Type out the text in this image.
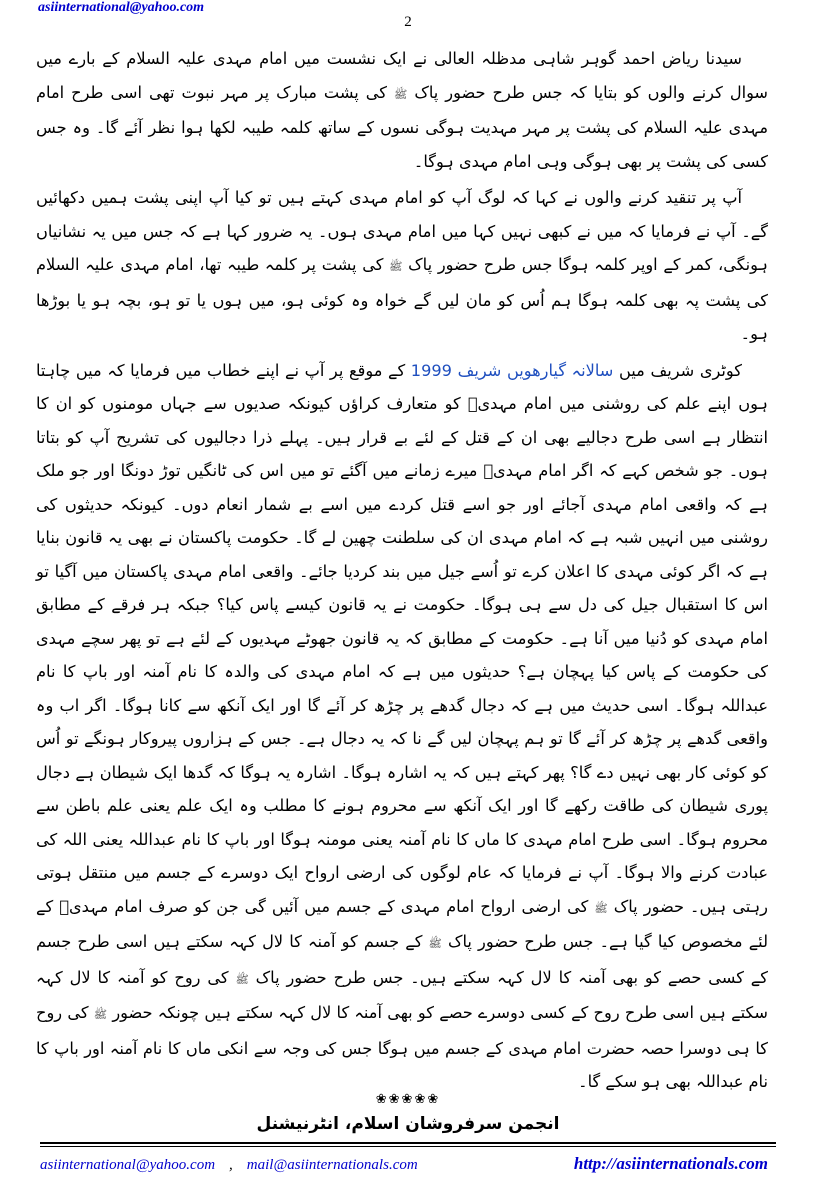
asiinternational@yahoo.com
2

سیدنا ریاض احمد گوہر شاہی مدظلہ العالی نے ایک نشست میں امام مہدی علیہ السلام کے بارے میں سوال کرنے والوں کو بتایا کہ جس طرح حضور پاک ﷺ کی پشت مبارک پر مہر نبوت تھی اسی طرح امام مہدی علیہ السلام کی پشت پر مہر مہدیت ہوگی نسوں کے ساتھ کلمہ طیبہ لکھا ہوا نظر آئے گا۔ وہ جس کسی کی پشت پر بھی ہوگی وہی امام مہدی ہوگا۔

آپ پر تنقید کرنے والوں نے کہا کہ لوگ آپ کو امام مہدی کہتے ہیں تو کیا آپ اپنی پشت ہمیں دکھائیں گے۔ آپ نے فرمایا کہ میں نے کبھی نہیں کہا میں امام مہدی ہوں۔ یہ ضرور کہا ہے کہ جس میں یہ نشانیاں ہونگی، کمر کے اوپر کلمہ ہوگا جس طرح حضور پاک ﷺ کی پشت پر کلمہ طیبہ تھا، امام مہدی علیہ السلام کی پشت پہ بھی کلمہ ہوگا ہم اُس کو مان لیں گے خواہ وہ کوئی ہو، میں ہوں یا تو ہو، بچہ ہو یا بوڑھا ہو۔

کوٹری شریف میں سالانہ گیارھویں شریف 1999 کے موقع پر آپ نے اپنے خطاب میں فرمایا کہ میں چاہتا ہوں اپنے علم کی روشنی میں امام مہدیؑ کو متعارف کراؤں کیونکہ صدیوں سے جہاں مومنوں کو ان کا انتظار ہے اسی طرح دجالیے بھی ان کے قتل کے لئے بے قرار ہیں۔ پہلے ذرا دجالیوں کی تشریح آپ کو بتاتا ہوں۔ جو شخص کہے کہ اگر امام مہدیؑ میرے زمانے میں آگئے تو میں اس کی ٹانگیں توڑ دونگا اور جو ملک ہے کہ واقعی امام مہدی آجائے اور جو اسے قتل کردے میں اسے بے شمار انعام دوں۔ کیونکہ حدیثوں کی روشنی میں انہیں شبہ ہے کہ امام مہدی ان کی سلطنت چھین لے گا۔ حکومت پاکستان نے بھی یہ قانون بنایا ہے کہ اگر کوئی مہدی کا اعلان کرے تو اُسے جیل میں بند کردیا جائے۔ واقعی امام مہدی پاکستان میں آگیا تو اس کا استقبال جیل کی دل سے ہی ہوگا۔ حکومت نے یہ قانون کیسے پاس کیا؟ جبکہ ہر فرقے کے مطابق امام مہدی کو دُنیا میں آنا ہے۔ حکومت کے مطابق کہ یہ قانون جھوٹے مہدیوں کے لئے ہے تو پھر سچے مہدی کی حکومت کے پاس کیا پہچان ہے؟ حدیثوں میں ہے کہ امام مہدی کی والدہ کا نام آمنہ اور باپ کا نام عبداللہ ہوگا۔ اسی حدیث میں ہے کہ دجال گدھے پر چڑھ کر آئے گا اور ایک آنکھ سے کانا ہوگا۔ اگر اب وہ واقعی گدھے پر چڑھ کر آئے گا تو ہم پہچان لیں گے نا کہ یہ دجال ہے۔ جس کے ہزاروں پیروکار ہونگے تو اُس کو کوئی کار بھی نہیں دے گا؟ پھر کہتے ہیں کہ یہ اشارہ ہوگا۔ اشارہ یہ ہوگا کہ گدھا ایک شیطان ہے دجال پوری شیطان کی طاقت رکھے گا اور ایک آنکھ سے محروم ہونے کا مطلب وہ ایک علم یعنی علم باطن سے محروم ہوگا۔ اسی طرح امام مہدی کا ماں کا نام آمنہ یعنی مومنہ ہوگا اور باپ کا نام عبداللہ یعنی اللہ کی عبادت کرنے والا ہوگا۔ آپ نے فرمایا کہ عام لوگوں کی ارضی ارواح ایک دوسرے کے جسم میں منتقل ہوتی رہتی ہیں۔ حضور پاک ﷺ کی ارضی ارواح امام مہدی کے جسم میں آئیں گی جن کو صرف امام مہدیؑ کے لئے مخصوص کیا گیا ہے۔ جس طرح حضور پاک ﷺ کے جسم کو آمنہ کا لال کہہ سکتے ہیں اسی طرح جسم کے کسی حصے کو بھی آمنہ کا لال کہہ سکتے ہیں۔ جس طرح حضور پاک ﷺ کی روح کو آمنہ کا لال کہہ سکتے ہیں اسی طرح روح کے کسی دوسرے حصے کو بھی آمنہ کا لال کہہ سکتے ہیں چونکہ حضور ﷺ کی روح کا ہی دوسرا حصہ حضرت امام مہدی کے جسم میں ہوگا جس کی وجہ سے انکی ماں کا نام آمنہ اور باپ کا نام عبداللہ بھی ہو سکے گا۔

❀❀❀❀❀
انجمن سرفروشان اسلام، انٹرنیشنل
asiinternational@yahoo.com , mail@asiinternationals.com	http://asiinternationals.com
